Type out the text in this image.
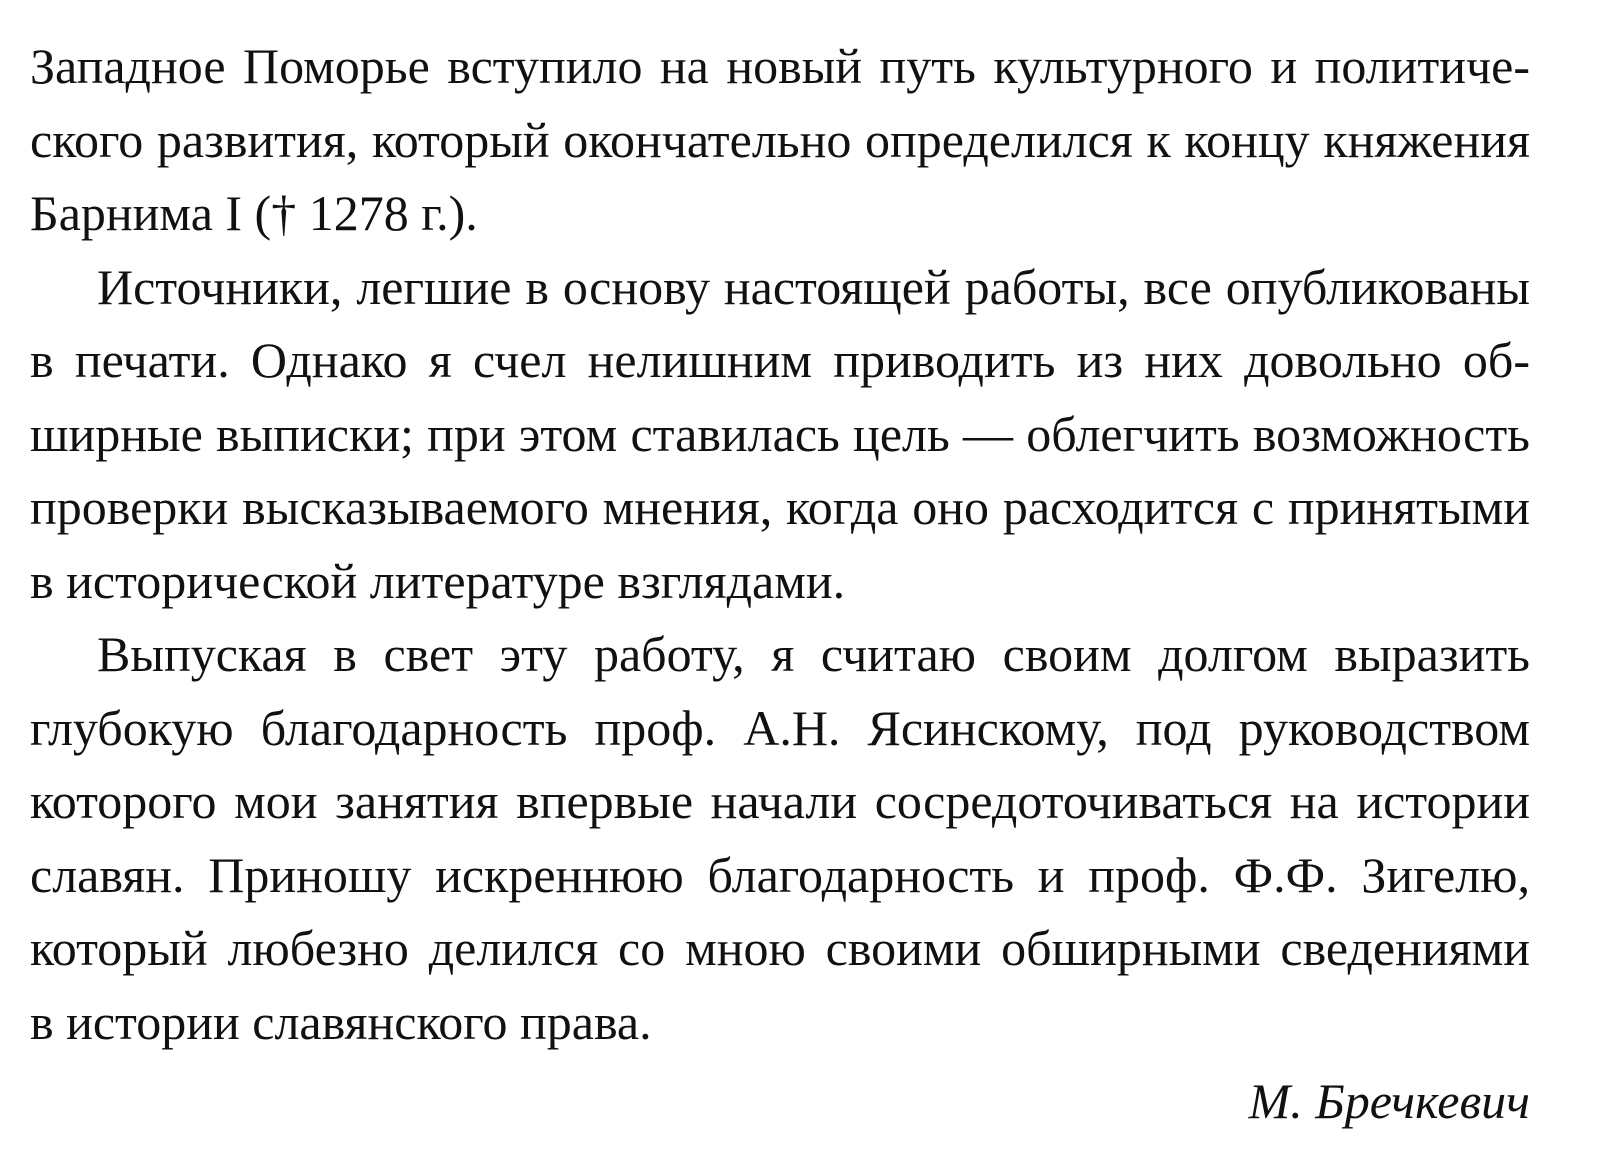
Западное Поморье вступило на новый путь культурного и политиче-
ского развития, который окончательно определился к концу княжения
Барнима I († 1278 г.).
Источники, легшие в основу настоящей работы, все опубликованы
в печати. Однако я счел нелишним приводить из них довольно об-
ширные выписки; при этом ставилась цель — облегчить возможность
проверки высказываемого мнения, когда оно расходится с принятыми
в исторической литературе взглядами.
Выпуская в свет эту работу, я считаю своим долгом выразить
глубокую благодарность проф. А.Н. Ясинскому, под руководством
которого мои занятия впервые начали сосредоточиваться на истории
славян. Приношу искреннюю благодарность и проф. Ф.Ф. Зигелю,
который любезно делился со мною своими обширными сведениями
в истории славянского права.
М. Бречкевич
